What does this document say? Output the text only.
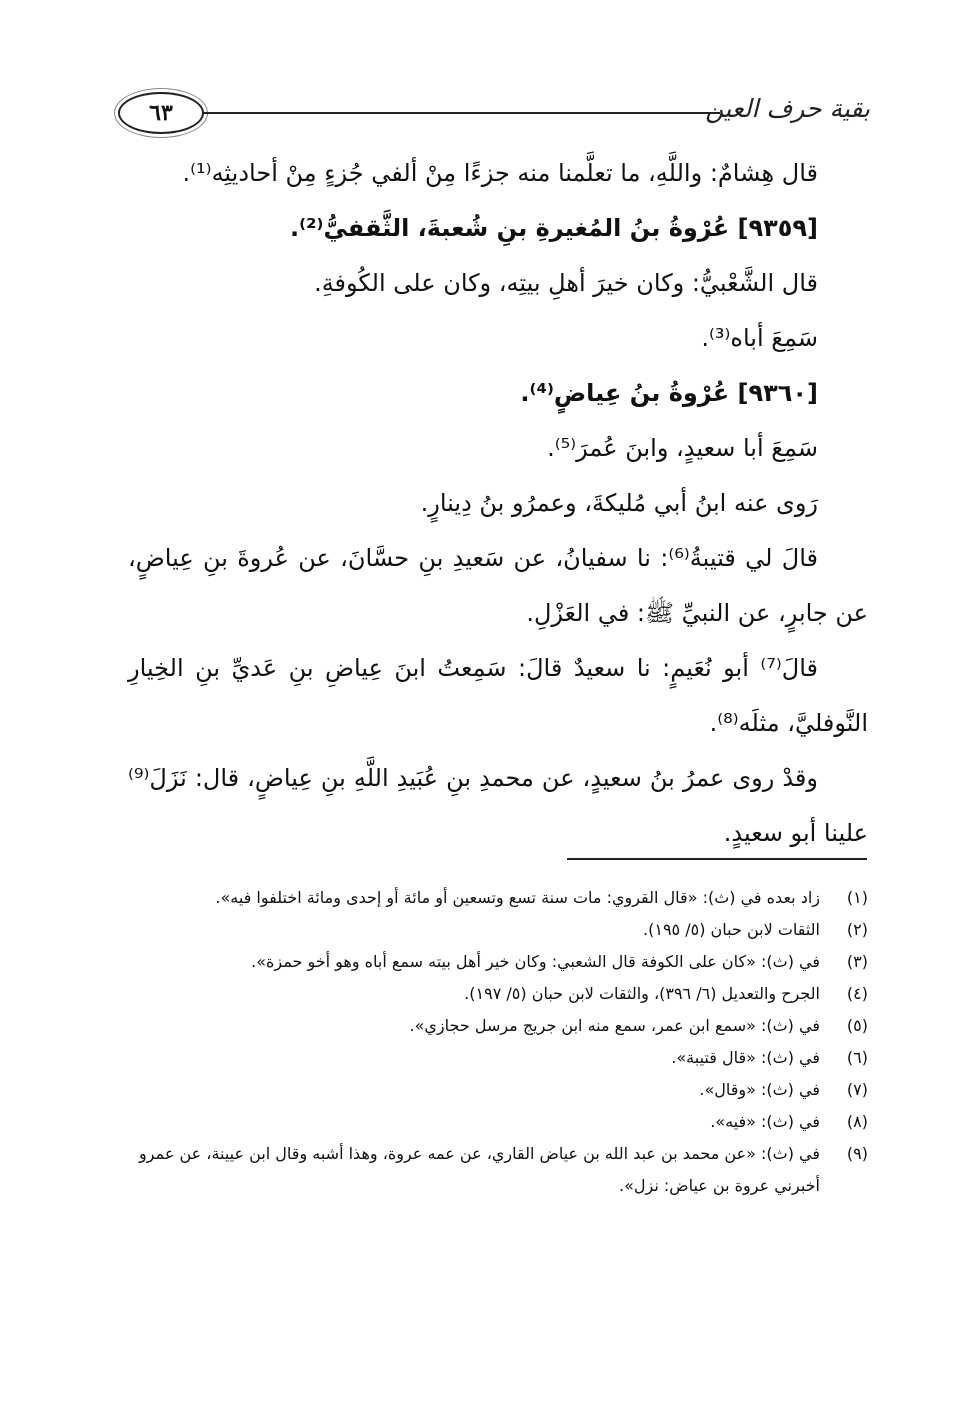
٦٣	بقية حرف العين

قال هِشامٌ: واللَّهِ، ما تعلَّمنا منه جزءًا مِنْ ألفي جُزءٍ مِنْ أحاديثِه⁽¹⁾.

[٩٣٥٩] عُرْوةُ بنُ المُغيرةِ بنِ شُعبةَ، الثَّقفيُّ⁽²⁾.

قال الشَّعْبيُّ: وكان خيرَ أهلِ بيتِه، وكان على الكُوفةِ.

سَمِعَ أباه⁽³⁾.

[٩٣٦٠] عُرْوةُ بنُ عِياضٍ⁽⁴⁾.

سَمِعَ أبا سعيدٍ، وابنَ عُمرَ⁽⁵⁾.

رَوى عنه ابنُ أبي مُليكةَ، وعمرُو بنُ دِينارٍ.

قالَ لي قتيبةُ⁽⁶⁾: نا سفيانُ، عن سَعيدِ بنِ حسَّانَ، عن عُروةَ بنِ عِياضٍ، عن جابرٍ، عن النبيِّ ﷺ: في العَزْلِ.

قالَ⁽⁷⁾ أبو نُعَيمٍ: نا سعيدٌ قالَ: سَمِعتُ ابنَ عِياضِ بنِ عَديِّ بنِ الخِيارِ النَّوفليَّ، مثلَه⁽⁸⁾.

وقدْ روى عمرُ بنُ سعيدٍ، عن محمدِ بنِ عُبَيدِ اللَّهِ بنِ عِياضٍ، قال: نَزَلَ⁽⁹⁾ علينا أبو سعيدٍ.

(١)
زاد بعده في (ث): «قال القروي: مات سنة تسع وتسعين أو مائة أو إحدى ومائة اختلفوا فيه».
(٢)
الثقات لابن حبان (٥/ ١٩٥).
(٣)
في (ث): «كان على الكوفة قال الشعبي: وكان خير أهل بيته سمع أباه وهو أخو حمزة».
(٤)
الجرح والتعديل (٦/ ٣٩٦)، والثقات لابن حبان (٥/ ١٩٧).
(٥)
في (ث): «سمع ابن عمر، سمع منه ابن جريج مرسل حجازي».
(٦)
في (ث): «قال قتيبة».
(٧)
في (ث): «وقال».
(٨)
في (ث): «فيه».
(٩)
في (ث): «عن محمد بن عبد الله بن عياض القاري، عن عمه عروة، وهذا أشبه وقال ابن عيينة، عن عمرو أخبرني عروة بن عياض: نزل».
